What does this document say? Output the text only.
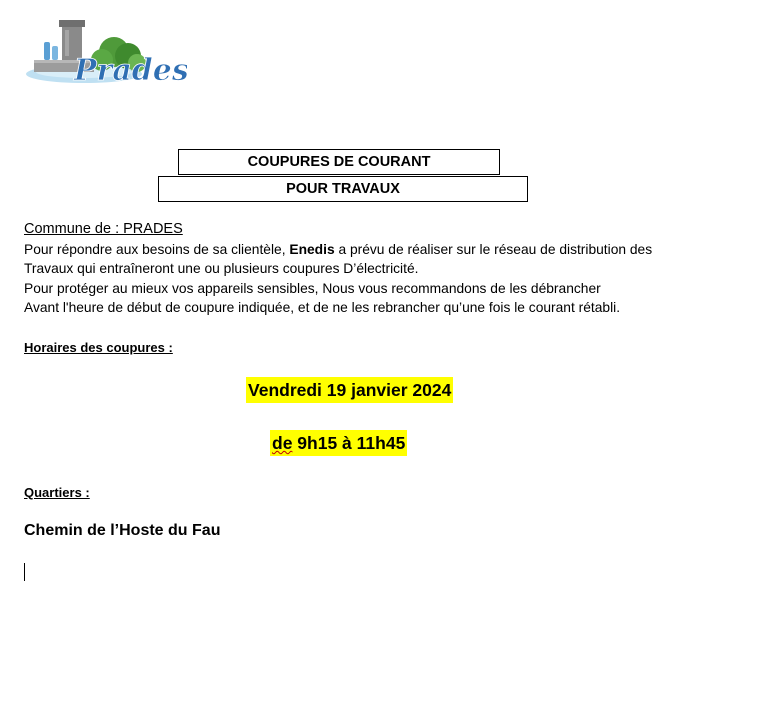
Prades
COUPURES DE COURANT
POUR TRAVAUX
Commune de : PRADES
Pour répondre aux besoins de sa clientèle, Enedis a prévu de réaliser sur le réseau de distribution des
Travaux qui entraîneront une ou plusieurs coupures D’électricité.
Pour protéger au mieux vos appareils sensibles, Nous vous recommandons de les débrancher
Avant l'heure de début de coupure indiquée, et de ne les rebrancher qu’une fois le courant rétabli.
Horaires des coupures :
Vendredi 19 janvier 2024
de 9h15 à 11h45
Quartiers :
Chemin de l’Hoste du Fau
